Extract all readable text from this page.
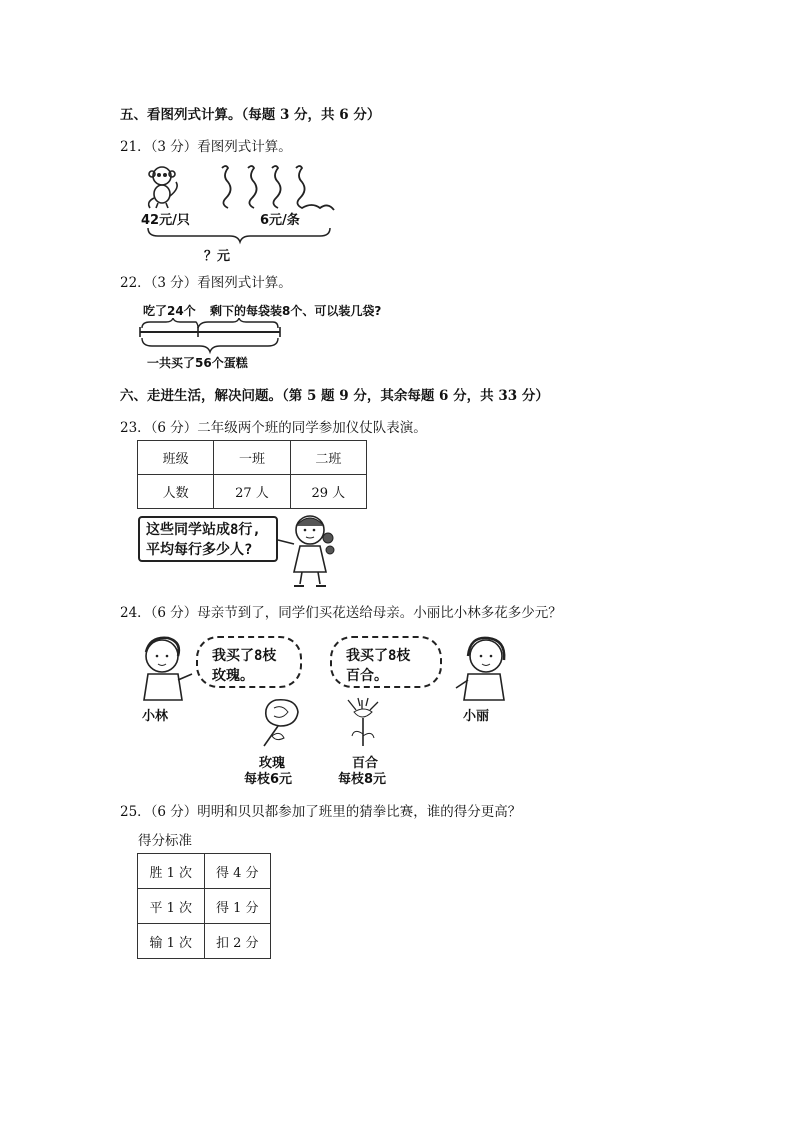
五、看图列式计算。（每题 3 分，共 6 分）
21．（3 分）看图列式计算。
42元/只	6元/条
？元
22．（3 分）看图列式计算。
吃了24个 剩下的每袋装8个、可以装几袋?
一共买了56个蛋糕
六、走进生活，解决问题。（第 5 题 9 分，其余每题 6 分，共 33 分）
23．（6 分）二年级两个班的同学参加仪仗队表演。
班级	一班	二班
人数	27 人	29 人
这些同学站成8行,
平均每行多少人?
24．（6 分）母亲节到了，同学们买花送给母亲。小丽比小林多花多少元？
我买了8枝
玫瑰。
我买了8枝
百合。
小林	小丽
玫瑰
每枝6元
百合
每枝8元
25．（6 分）明明和贝贝都参加了班里的猜拳比赛，谁的得分更高？
得分标准
胜 1 次	得 4 分
平 1 次	得 1 分
输 1 次	扣 2 分
